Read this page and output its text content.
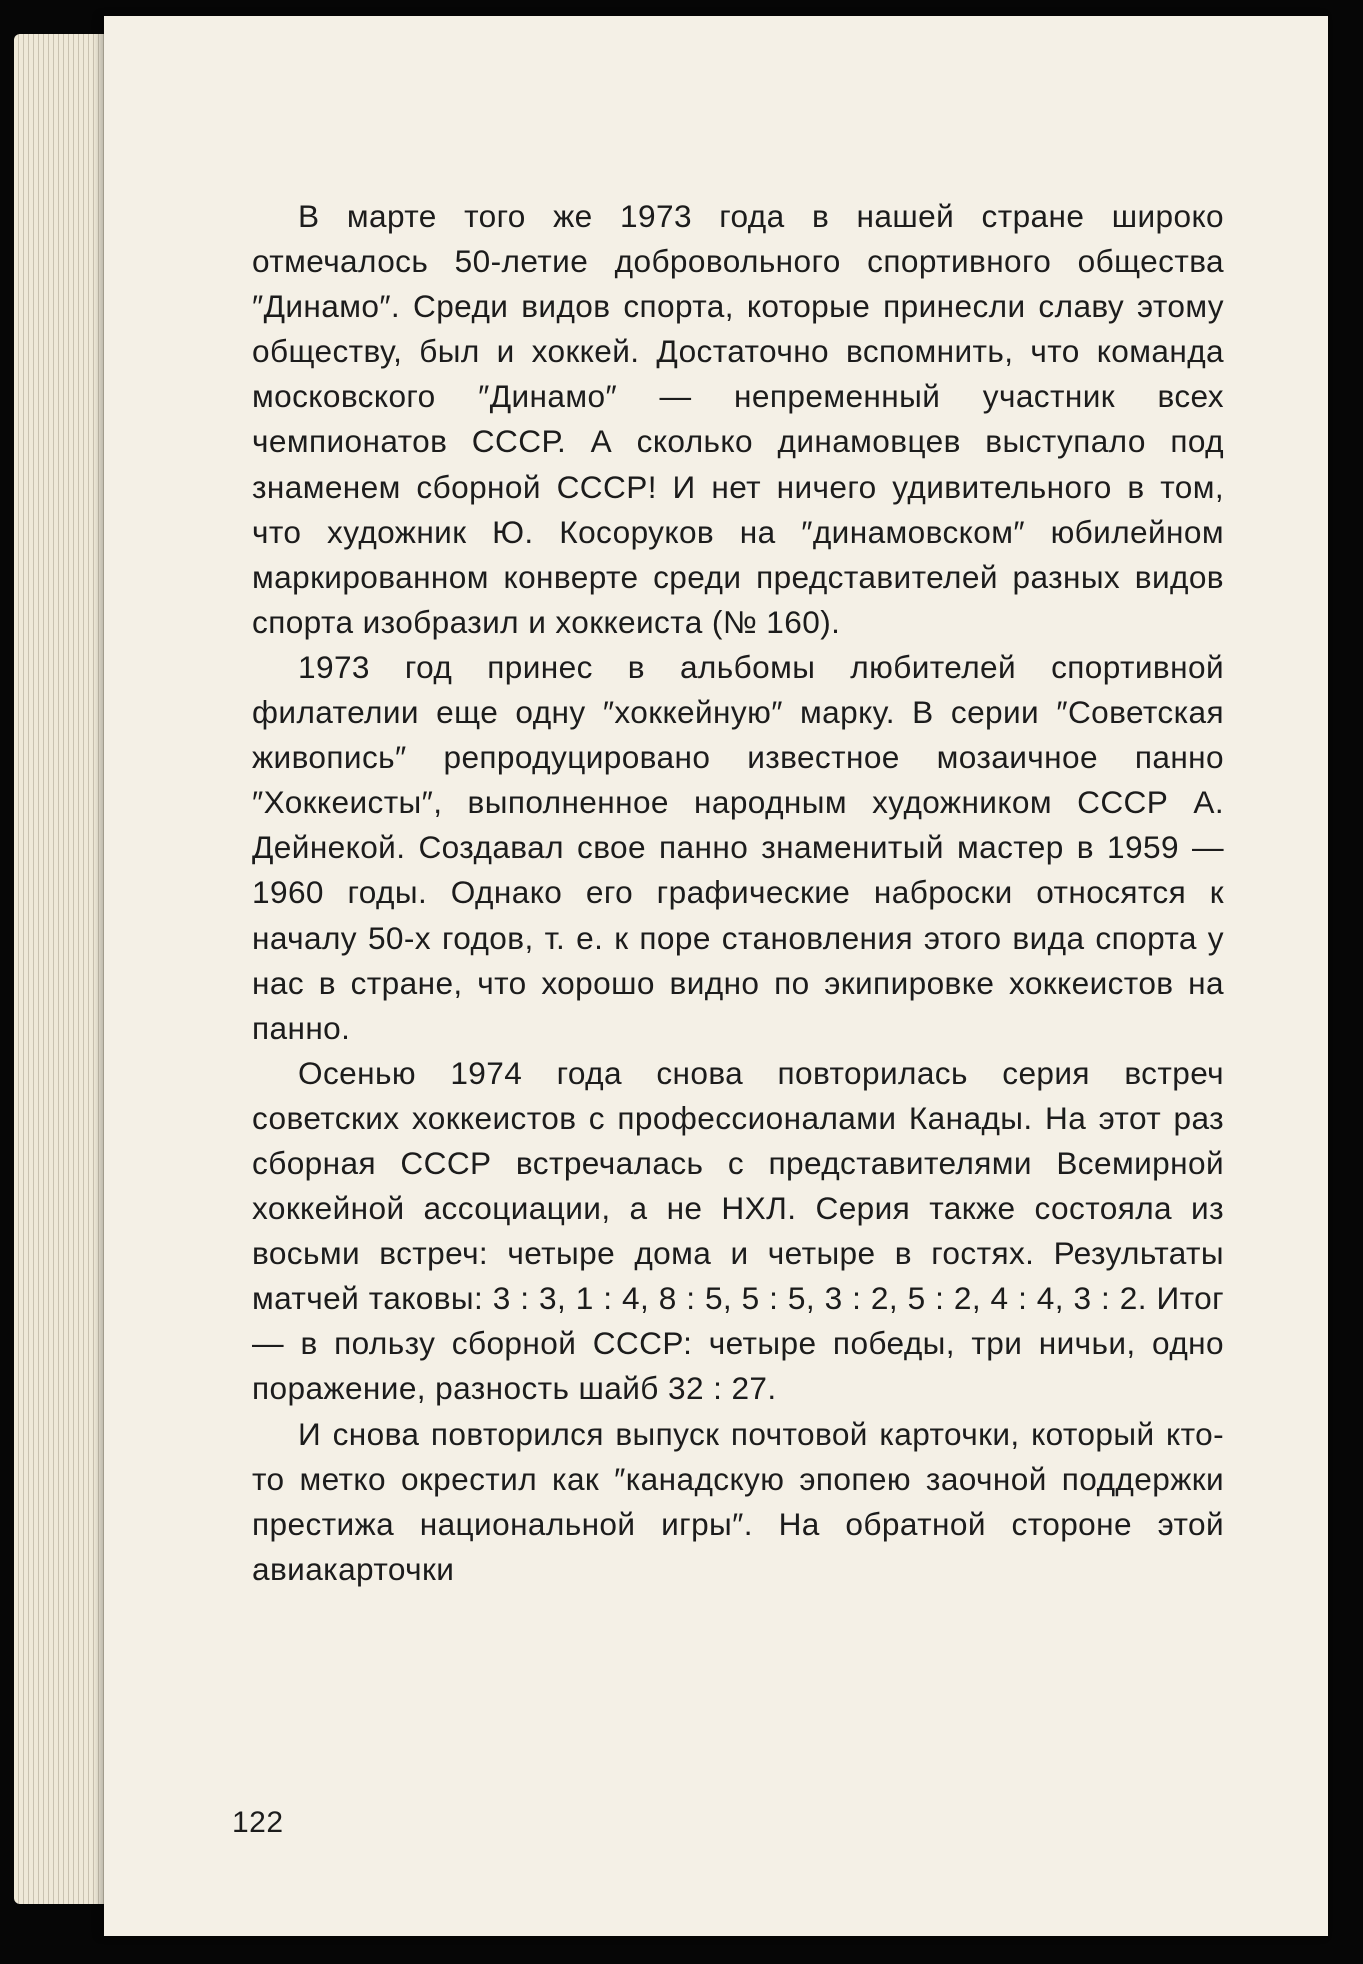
В марте того же 1973 года в нашей стране широко отмечалось 50-летие добровольного спортивного общества ″Динамо″. Среди видов спорта, которые принесли славу этому обществу, был и хоккей. Достаточно вспомнить, что команда московского ″Динамо″ — непременный участник всех чемпионатов СССР. А сколько динамовцев выступало под знаменем сборной СССР! И нет ничего удивительного в том, что художник Ю. Косоруков на ″динамовском″ юбилейном маркированном конверте среди представителей разных видов спорта изобразил и хоккеиста (№ 160).

1973 год принес в альбомы любителей спортивной филателии еще одну ″хоккейную″ марку. В серии ″Советская живопись″ репродуцировано известное мозаичное панно ″Хоккеисты″, выполненное народным художником СССР А. Дейнекой. Создавал свое панно знаменитый мастер в 1959 — 1960 годы. Однако его графические наброски относятся к началу 50-х годов, т. е. к поре становления этого вида спорта у нас в стране, что хорошо видно по экипировке хоккеистов на панно.

Осенью 1974 года снова повторилась серия встреч советских хоккеистов с профессионалами Канады. На этот раз сборная СССР встречалась с представителями Всемирной хоккейной ассоциации, а не НХЛ. Серия также состояла из восьми встреч: четыре дома и четыре в гостях. Результаты матчей таковы: 3 : 3, 1 : 4, 8 : 5, 5 : 5, 3 : 2, 5 : 2, 4 : 4, 3 : 2. Итог — в пользу сборной СССР: четыре победы, три ничьи, одно поражение, разность шайб 32 : 27.

И снова повторился выпуск почтовой карточки, который кто-то метко окрестил как ″канадскую эпопею заочной поддержки престижа национальной игры″. На обратной стороне этой авиакарточки

122
